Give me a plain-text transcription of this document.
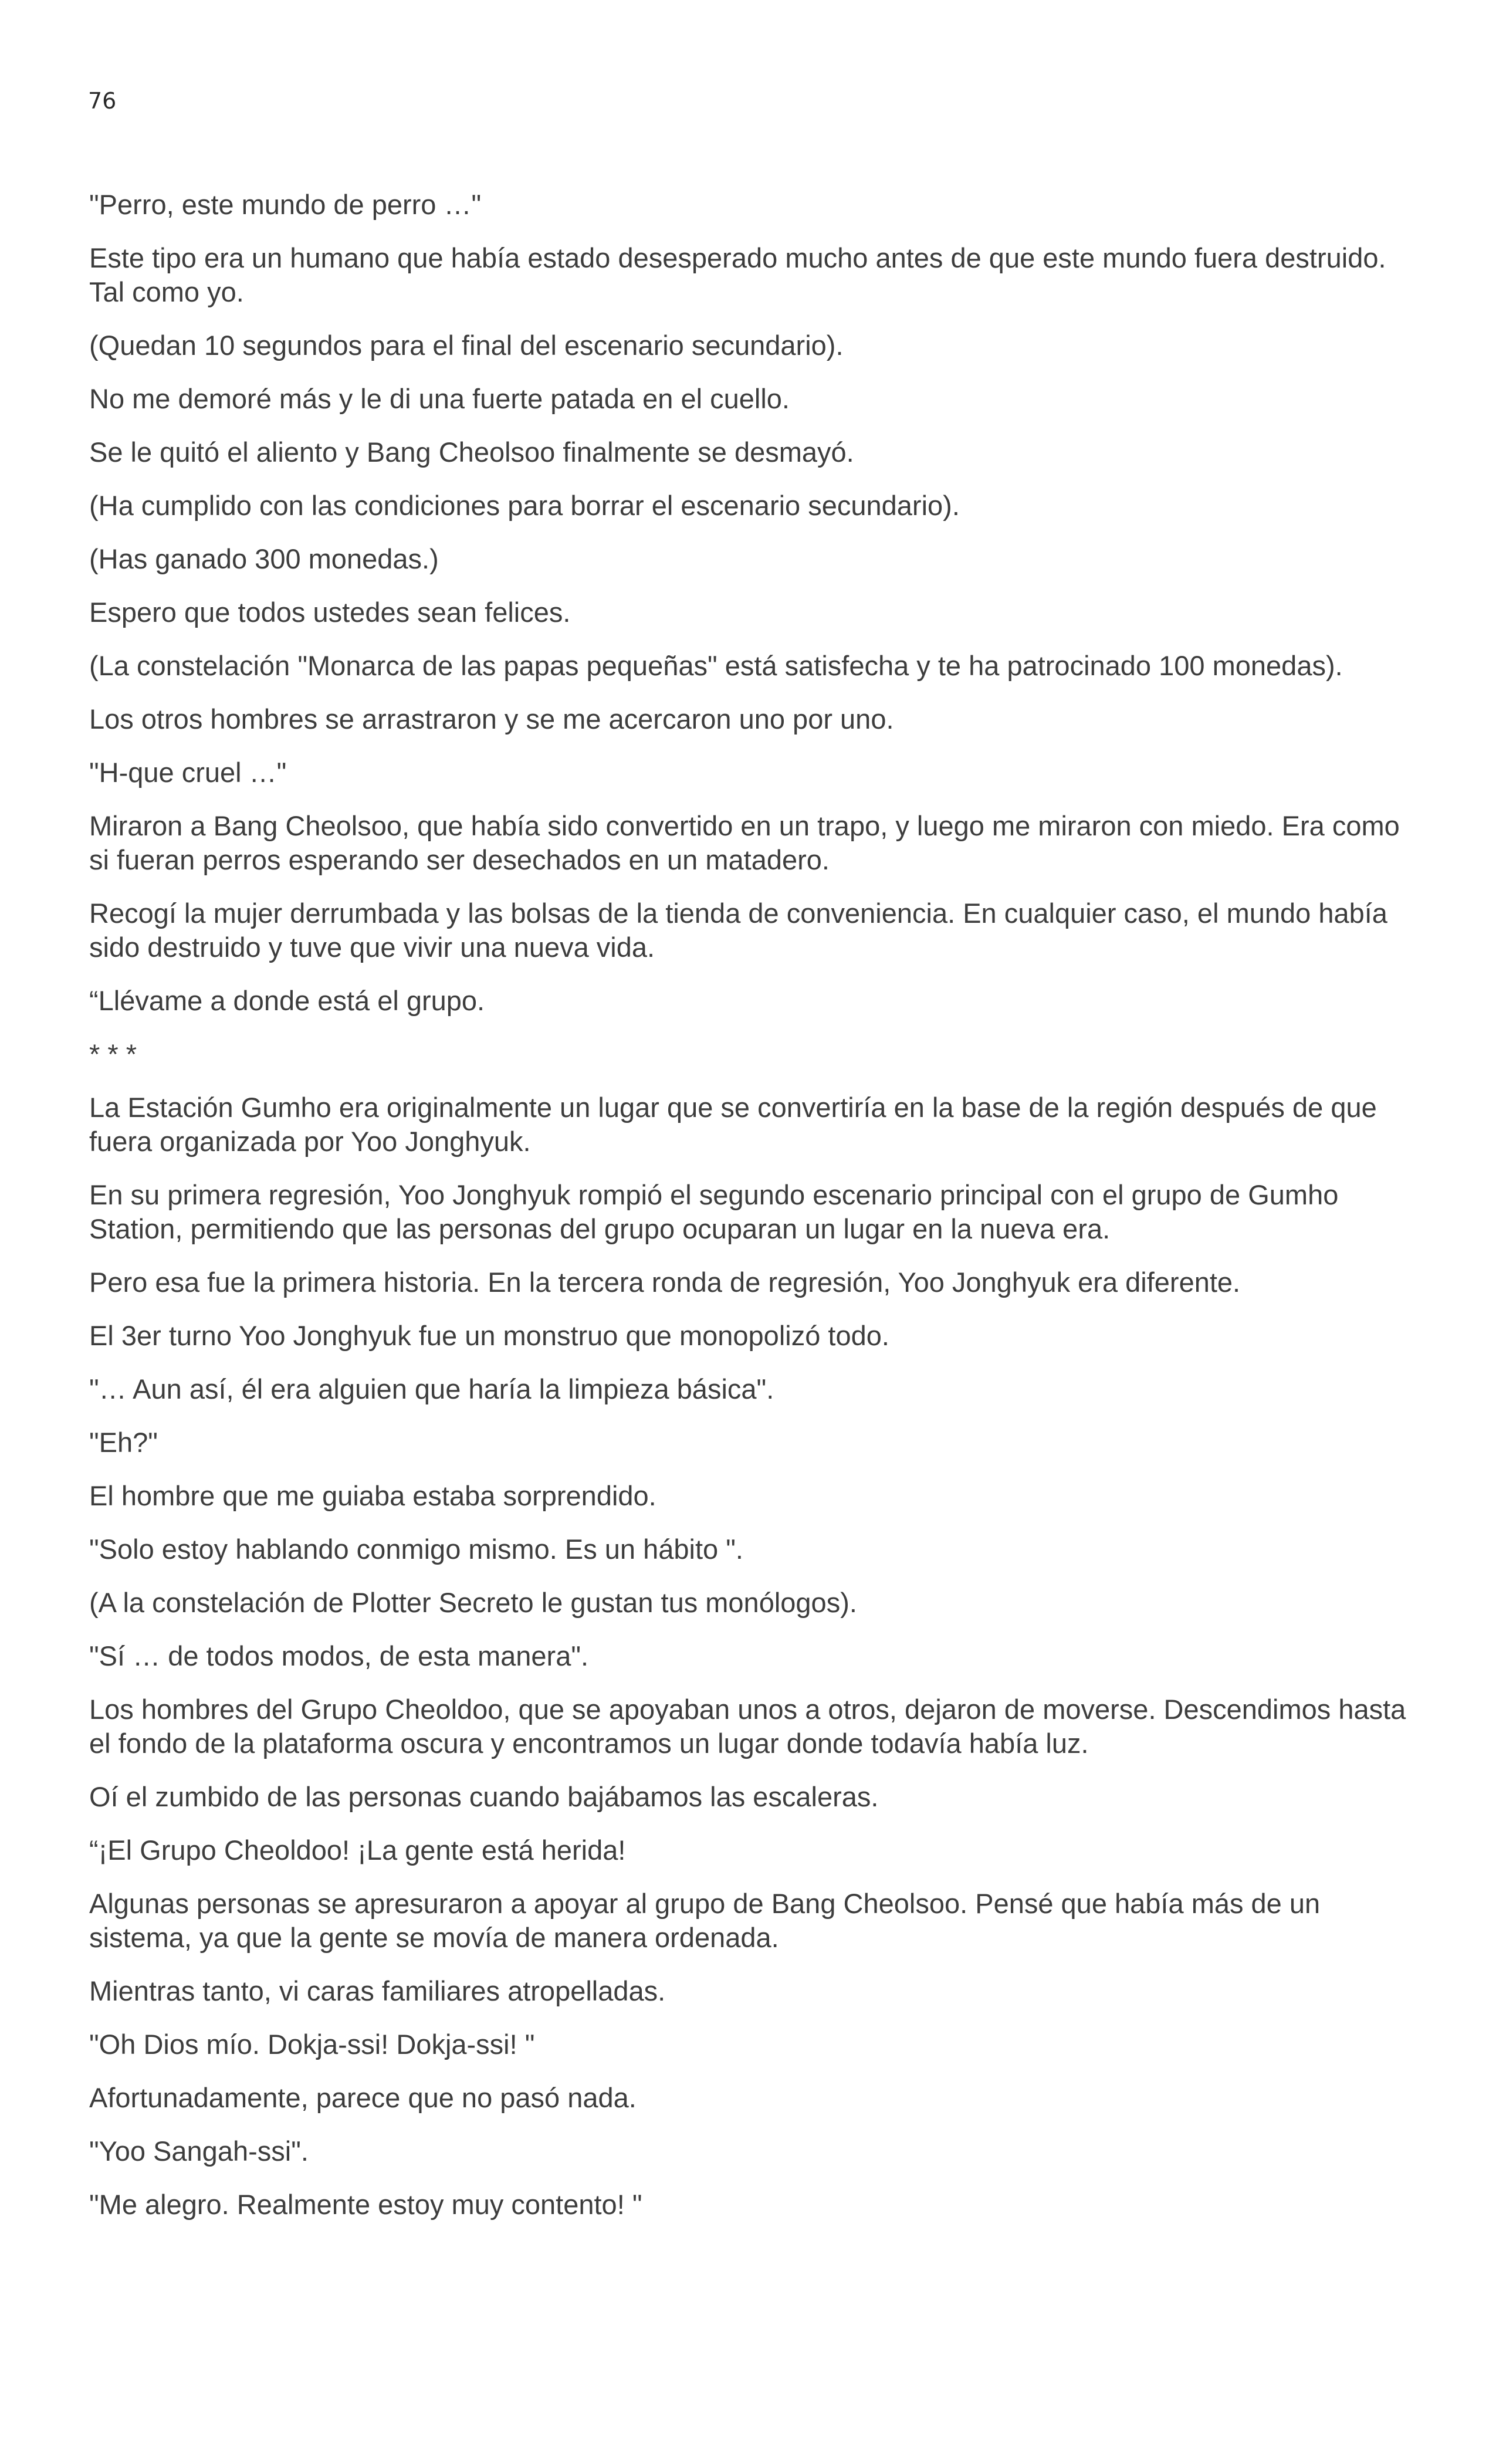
76

"Perro, este mundo de perro …"

Este tipo era un humano que había estado desesperado mucho antes de que este mundo fuera destruido. Tal como yo.

(Quedan 10 segundos para el final del escenario secundario).

No me demoré más y le di una fuerte patada en el cuello.

Se le quitó el aliento y Bang Cheolsoo finalmente se desmayó.

(Ha cumplido con las condiciones para borrar el escenario secundario).

(Has ganado 300 monedas.)

Espero que todos ustedes sean felices.

(La constelación "Monarca de las papas pequeñas" está satisfecha y te ha patrocinado 100 monedas).

Los otros hombres se arrastraron y se me acercaron uno por uno.

"H-que cruel …"

Miraron a Bang Cheolsoo, que había sido convertido en un trapo, y luego me miraron con miedo. Era como si fueran perros esperando ser desechados en un matadero.

Recogí la mujer derrumbada y las bolsas de la tienda de conveniencia. En cualquier caso, el mundo había sido destruido y tuve que vivir una nueva vida.

“Llévame a donde está el grupo.

* * *

La Estación Gumho era originalmente un lugar que se convertiría en la base de la región después de que fuera organizada por Yoo Jonghyuk.

En su primera regresión, Yoo Jonghyuk rompió el segundo escenario principal con el grupo de Gumho Station, permitiendo que las personas del grupo ocuparan un lugar en la nueva era.

Pero esa fue la primera historia. En la tercera ronda de regresión, Yoo Jonghyuk era diferente.

El 3er turno Yoo Jonghyuk fue un monstruo que monopolizó todo.

"… Aun así, él era alguien que haría la limpieza básica".

"Eh?"

El hombre que me guiaba estaba sorprendido.

"Solo estoy hablando conmigo mismo. Es un hábito ".

(A la constelación de Plotter Secreto le gustan tus monólogos).

"Sí … de todos modos, de esta manera".

Los hombres del Grupo Cheoldoo, que se apoyaban unos a otros, dejaron de moverse. Descendimos hasta el fondo de la plataforma oscura y encontramos un lugar donde todavía había luz.

Oí el zumbido de las personas cuando bajábamos las escaleras.

“¡El Grupo Cheoldoo! ¡La gente está herida!

Algunas personas se apresuraron a apoyar al grupo de Bang Cheolsoo. Pensé que había más de un sistema, ya que la gente se movía de manera ordenada.

Mientras tanto, vi caras familiares atropelladas.

"Oh Dios mío. Dokja-ssi! Dokja-ssi! "

Afortunadamente, parece que no pasó nada.

"Yoo Sangah-ssi".

"Me alegro. Realmente estoy muy contento! "
